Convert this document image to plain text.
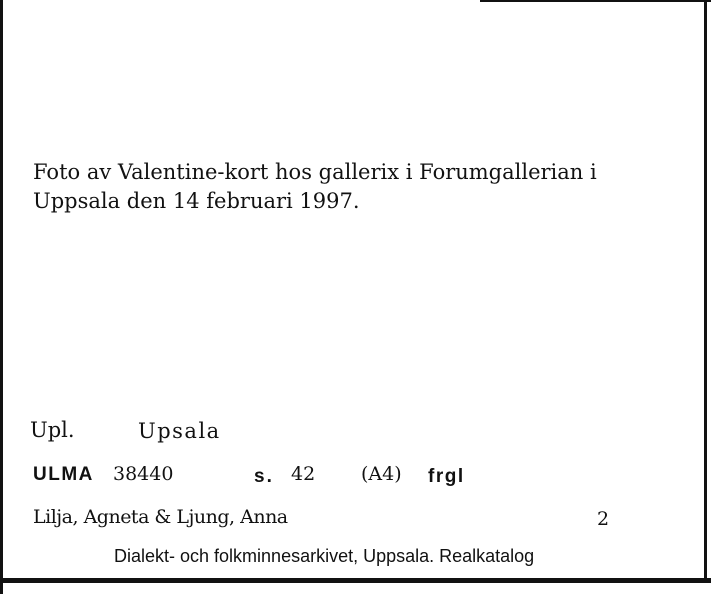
Foto av Valentine-kort hos gallerix i Forumgallerian i
Uppsala den 14 februari 1997.
Upl.	Upsala
ULMA 38440	s. 42 (A4) frgl
Lilja, Agneta & Ljung, Anna	2
Dialekt- och folkminnesarkivet, Uppsala. Realkatalog
